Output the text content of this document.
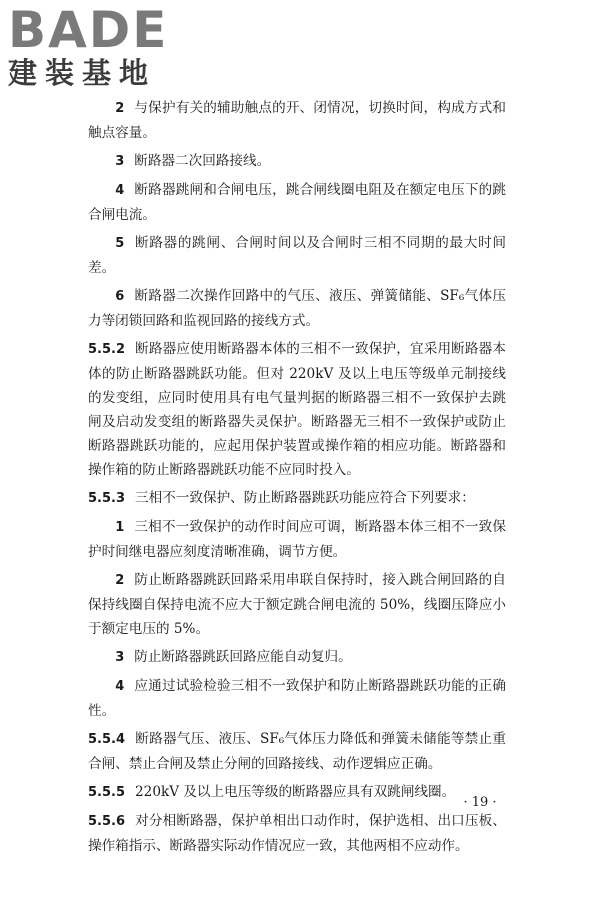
BADE
建装基地

2 与保护有关的辅助触点的开、闭情况，切换时间，构成方式和触点容量。

3 断路器二次回路接线。

4 断路器跳闸和合闸电压，跳合闸线圈电阻及在额定电压下的跳合闸电流。

5 断路器的跳闸、合闸时间以及合闸时三相不同期的最大时间差。

6 断路器二次操作回路中的气压、液压、弹簧储能、SF₆气体压力等闭锁回路和监视回路的接线方式。

5.5.2 断路器应使用断路器本体的三相不一致保护，宜采用断路器本体的防止断路器跳跃功能。但对 220kV 及以上电压等级单元制接线的发变组，应同时使用具有电气量判据的断路器三相不一致保护去跳闸及启动发变组的断路器失灵保护。断路器无三相不一致保护或防止断路器跳跃功能的，应起用保护装置或操作箱的相应功能。断路器和操作箱的防止断路器跳跃功能不应同时投入。

5.5.3 三相不一致保护、防止断路器跳跃功能应符合下列要求：

1 三相不一致保护的动作时间应可调，断路器本体三相不一致保护时间继电器应刻度清晰准确，调节方便。

2 防止断路器跳跃回路采用串联自保持时，接入跳合闸回路的自保持线圈自保持电流不应大于额定跳合闸电流的 50%，线圈压降应小于额定电压的 5%。

3 防止断路器跳跃回路应能自动复归。

4 应通过试验检验三相不一致保护和防止断路器跳跃功能的正确性。

5.5.4 断路器气压、液压、SF₆气体压力降低和弹簧未储能等禁止重合闸、禁止合闸及禁止分闸的回路接线、动作逻辑应正确。

5.5.5 220kV 及以上电压等级的断路器应具有双跳闸线圈。

5.5.6 对分相断路器，保护单相出口动作时，保护选相、出口压板、操作箱指示、断路器实际动作情况应一致，其他两相不应动作。

· 19 ·
